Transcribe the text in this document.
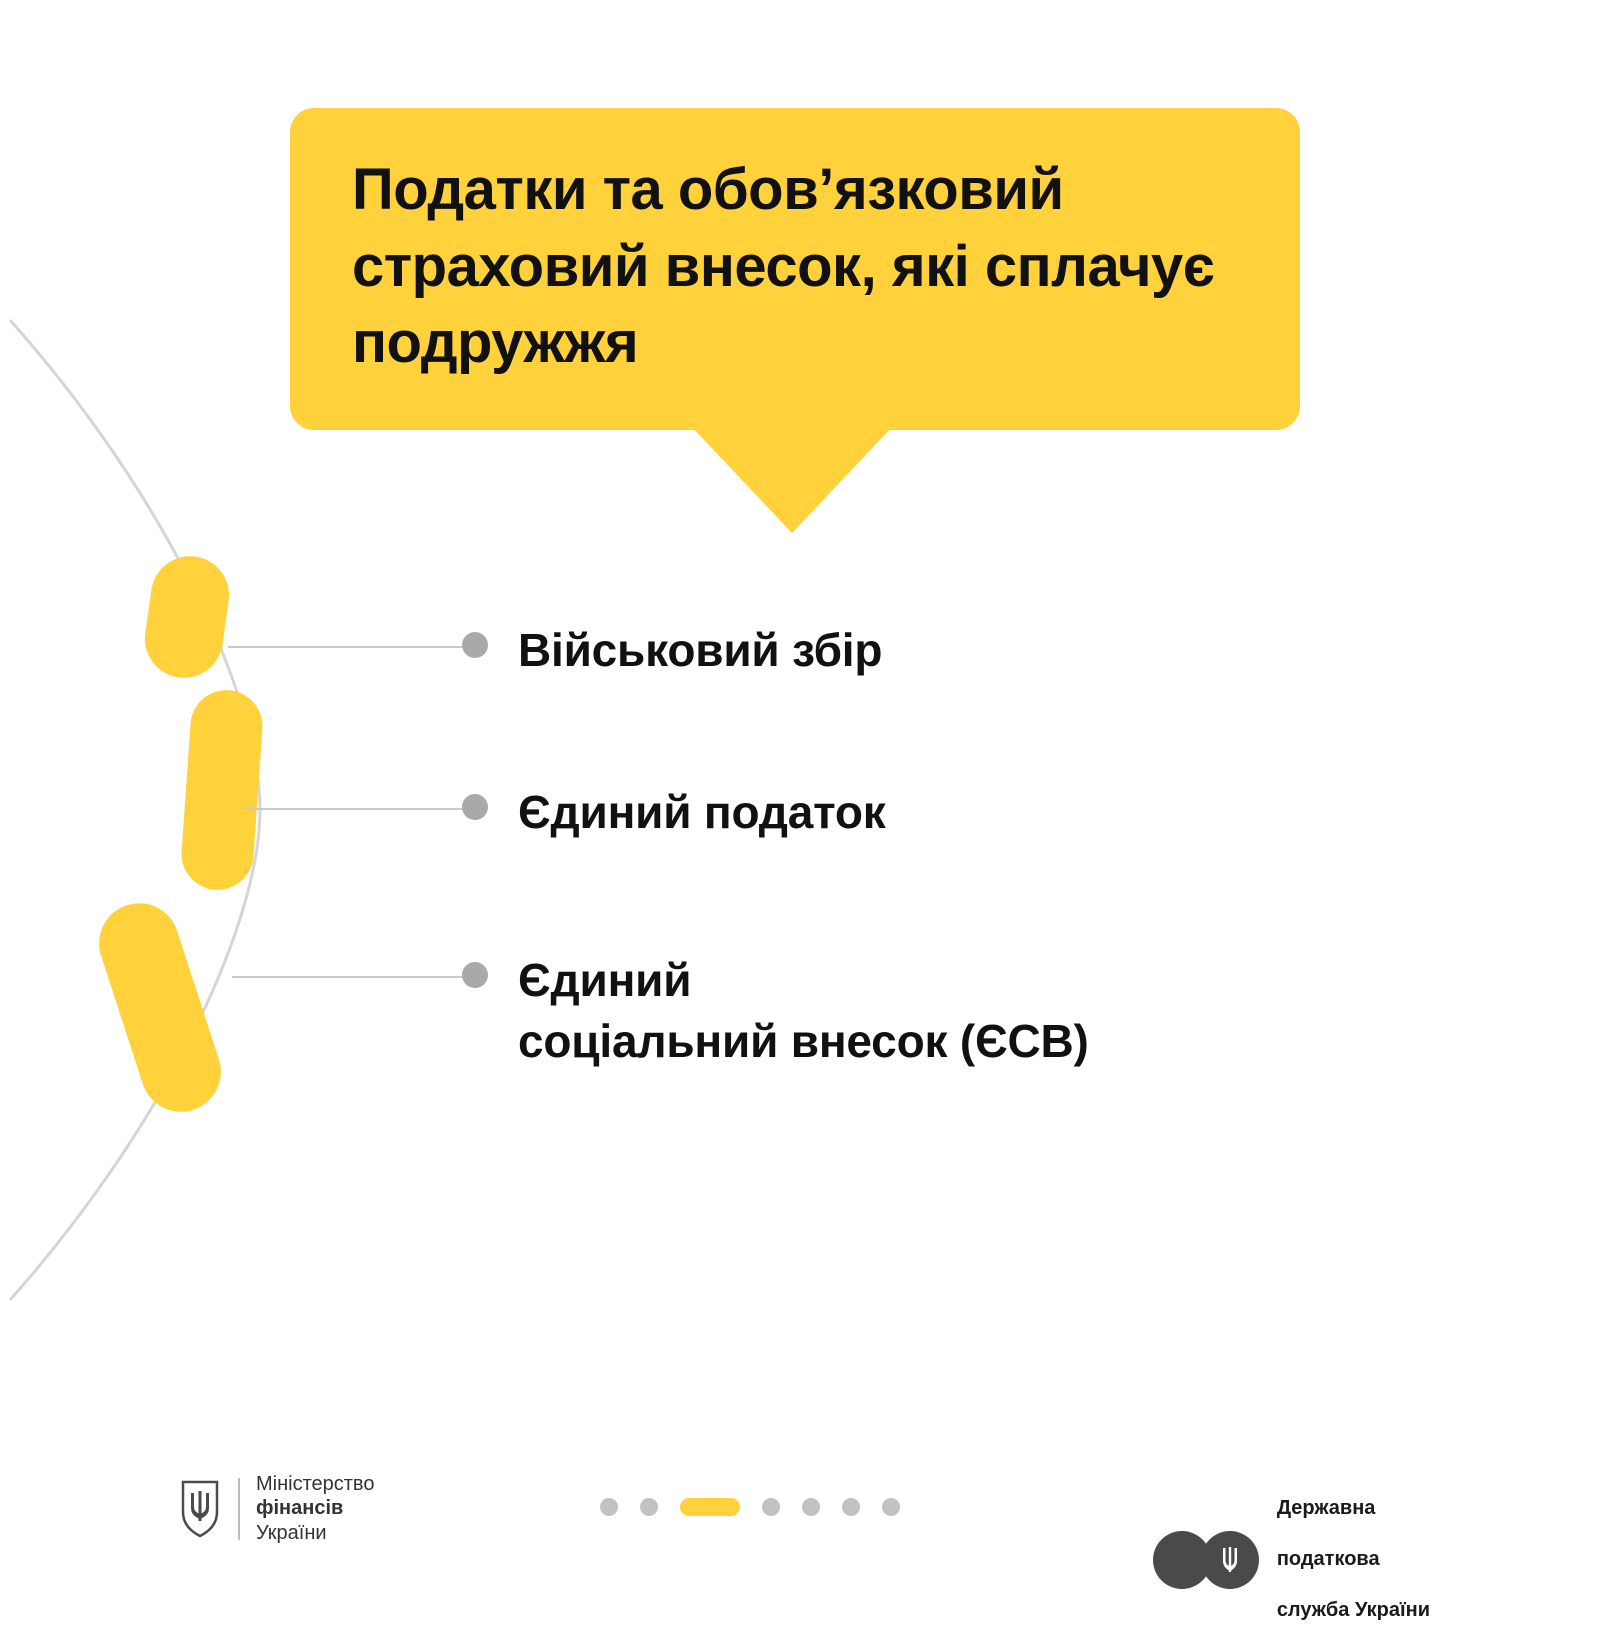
Податки та обов’язковий страховий внесок, які сплачує подружжя
Військовий збір
Єдиний податок
Єдиний
соціальний внесок (ЄСВ)
Міністерство
фінансів
України

Державна

податкова

служба України
